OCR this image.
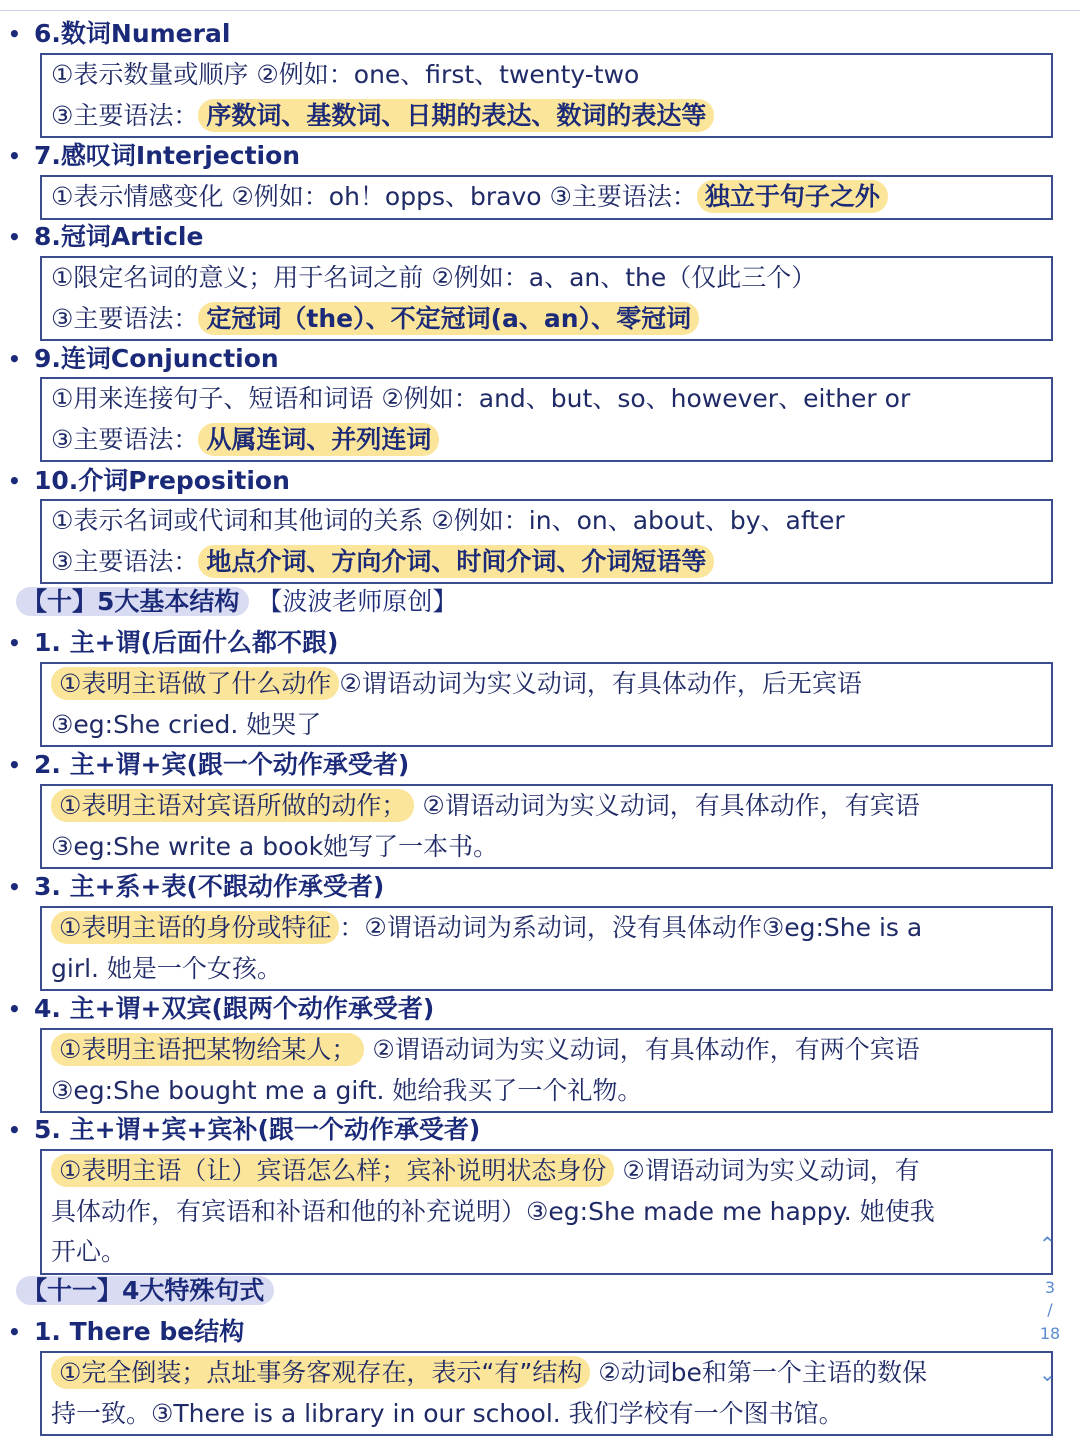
• 6.数词Numeral
①表示数量或顺序 ②例如：one、first、twenty-two
③主要语法： 序数词、基数词、日期的表达、数词的表达等
• 7.感叹词Interjection
①表示情感变化 ②例如：oh！opps、bravo ③主要语法： 独立于句子之外
• 8.冠词Article
①限定名词的意义；用于名词之前 ②例如：a、an、the（仅此三个）
③主要语法： 定冠词（the）、不定冠词(a、an）、零冠词
• 9.连词Conjunction
①用来连接句子、短语和词语 ②例如：and、but、so、however、either or
③主要语法： 从属连词、并列连词
• 10.介词Preposition
①表示名词或代词和其他词的关系 ②例如：in、on、about、by、after
③主要语法： 地点介词、方向介词、时间介词、介词短语等
• 1. 主+谓(后面什么都不跟)
①表明主语做了什么动作 ②谓语动词为实义动词，有具体动作，后无宾语
③eg:She cried. 她哭了
• 2. 主+谓+宾(跟一个动作承受者)
①表明主语对宾语所做的动作； ②谓语动词为实义动词，有具体动作，有宾语
③eg:She write a book她写了一本书。
• 3. 主+系+表(不跟动作承受者)
①表明主语的身份或特征 ：②谓语动词为系动词，没有具体动作③eg:She is a
girl. 她是一个女孩。
• 4. 主+谓+双宾(跟两个动作承受者)
①表明主语把某物给某人； ②谓语动词为实义动词，有具体动作，有两个宾语
③eg:She bought me a gift. 她给我买了一个礼物。
• 5. 主+谓+宾+宾补(跟一个动作承受者)
①表明主语（让）宾语怎么样；宾补说明状态身份 ②谓语动词为实义动词，有
具体动作，有宾语和补语和他的补充说明）③eg:She made me happy. 她使我
开心。
• 1. There be结构
①完全倒装；点址事务客观存在，表示“有”结构 ②动词be和第一个主语的数保
持一致。③There is a library in our school. 我们学校有一个图书馆。
【十】5大基本结构 【波波老师原创】
【十一】4大特殊句式	3
/
18
⌃
⌄
